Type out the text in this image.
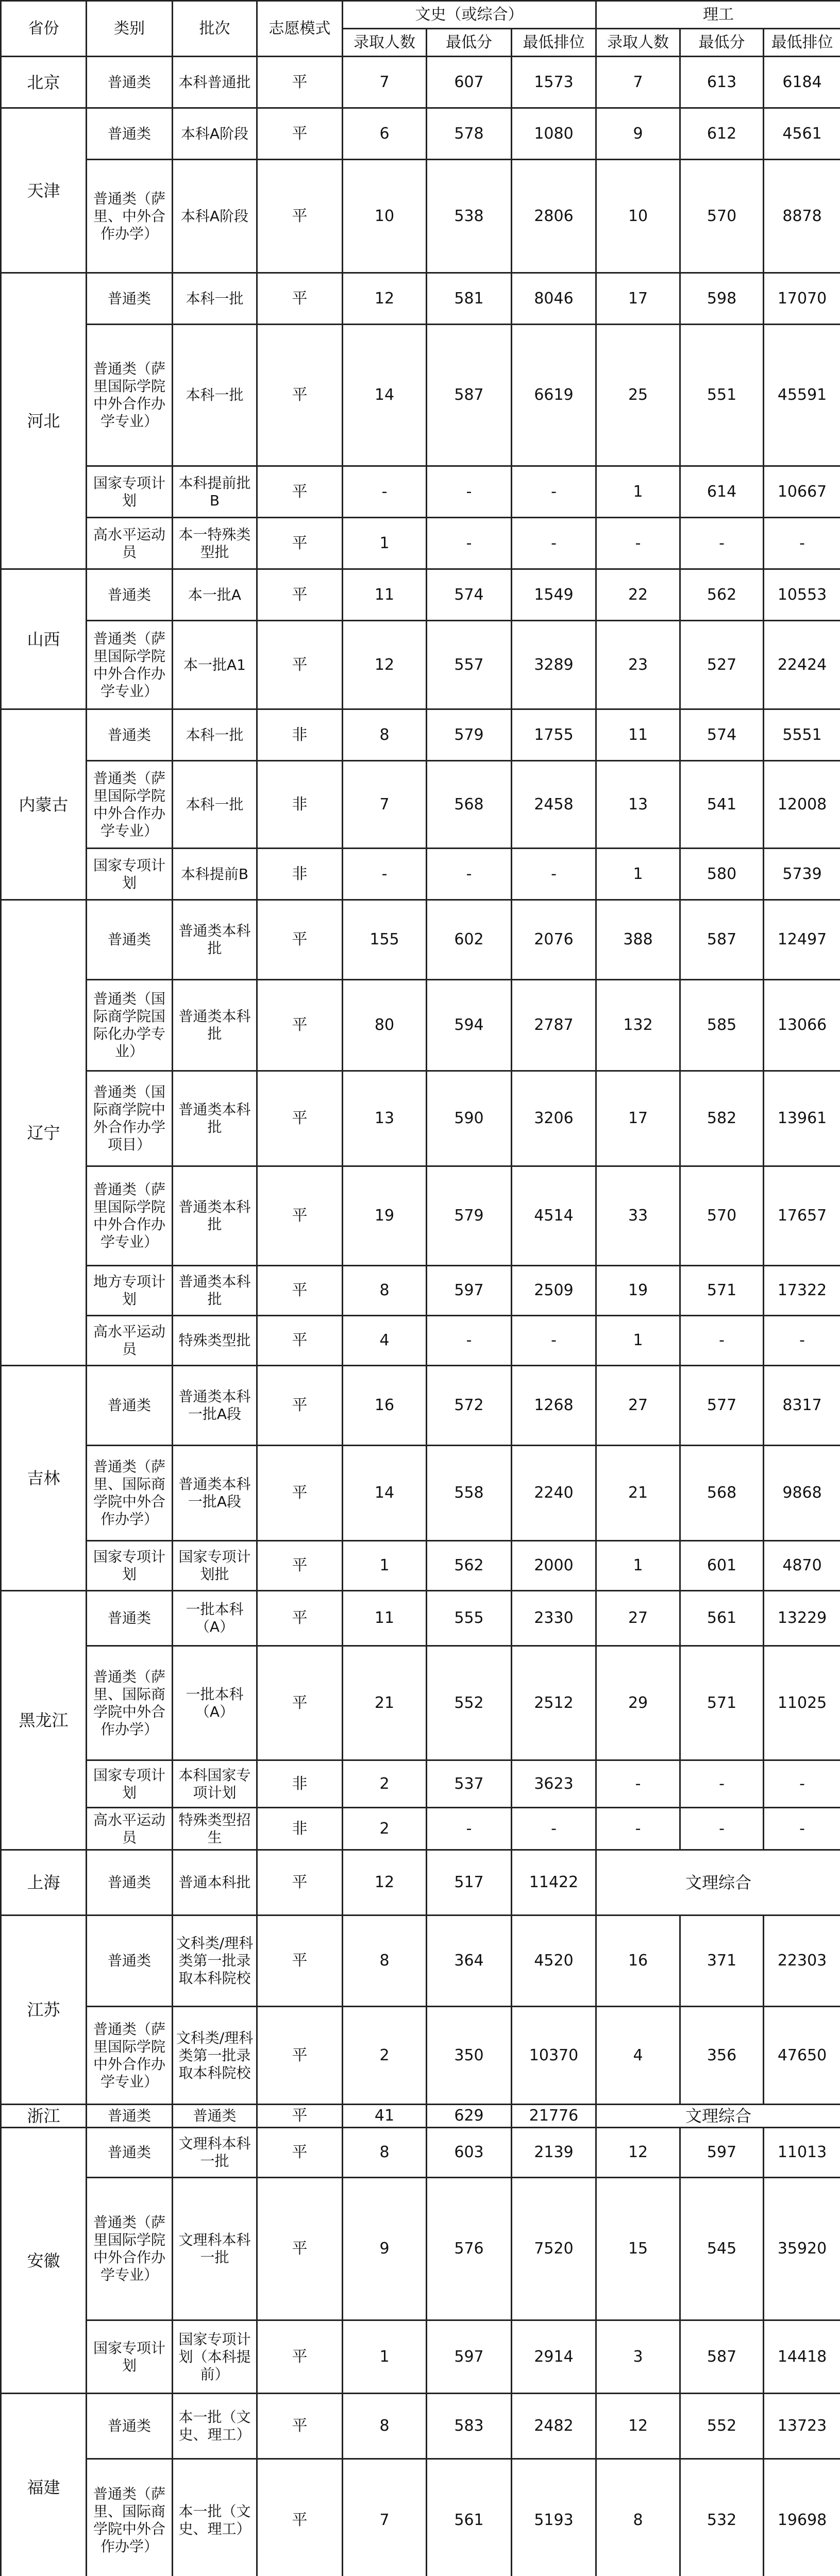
省份	类别	批次	志愿模式	文史（或综合）			理工		
				录取人数	最低分	最低排位	录取人数	最低分	最低排位
北京	普通类	本科普通批	平	7	607	1573	7	613	6184
天津	普通类	本科A阶段	平	6	578	1080	9	612	4561
	普通类（萨里、中外合作办学）	本科A阶段	平	10	538	2806	10	570	8878
河北	普通类	本科一批	平	12	581	8046	17	598	17070
	普通类（萨里国际学院中外合作办学专业）	本科一批	平	14	587	6619	25	551	45591
	国家专项计划	本科提前批B	平	-	-	-	1	614	10667
	高水平运动员	本一特殊类型批	平	1	-	-	-	-	-
山西	普通类	本一批A	平	11	574	1549	22	562	10553
	普通类（萨里国际学院中外合作办学专业）	本一批A1	平	12	557	3289	23	527	22424
内蒙古	普通类	本科一批	非	8	579	1755	11	574	5551
	普通类（萨里国际学院中外合作办学专业）	本科一批	非	7	568	2458	13	541	12008
	国家专项计划	本科提前B	非	-	-	-	1	580	5739
辽宁	普通类	普通类本科批	平	155	602	2076	388	587	12497
	普通类（国际商学院国际化办学专业）	普通类本科批	平	80	594	2787	132	585	13066
	普通类（国际商学院中外合作办学项目）	普通类本科批	平	13	590	3206	17	582	13961
	普通类（萨里国际学院中外合作办学专业）	普通类本科批	平	19	579	4514	33	570	17657
	地方专项计划	普通类本科批	平	8	597	2509	19	571	17322
	高水平运动员	特殊类型批	平	4	-	-	1	-	-
吉林	普通类	普通类本科一批A段	平	16	572	1268	27	577	8317
	普通类（萨里、国际商学院中外合作办学）	普通类本科一批A段	平	14	558	2240	21	568	9868
	国家专项计划	国家专项计划批	平	1	562	2000	1	601	4870
黑龙江	普通类	一批本科（A）	平	11	555	2330	27	561	13229
	普通类（萨里、国际商学院中外合作办学）	一批本科（A）	平	21	552	2512	29	571	11025
	国家专项计划	本科国家专项计划	非	2	537	3623	-	-	-
	高水平运动员	特殊类型招生	非	2	-	-	-	-	-
上海	普通类	普通本科批	平	12	517	11422	文理综合		
江苏	普通类	文科类/理科类第一批录取本科院校	平	8	364	4520	16	371	22303
	普通类（萨里国际学院中外合作办学专业）	文科类/理科类第一批录取本科院校	平	2	350	10370	4	356	47650
浙江	普通类	普通类	平	41	629	21776	文理综合		
安徽	普通类	文理科本科一批	平	8	603	2139	12	597	11013
	普通类（萨里国际学院中外合作办学专业）	文理科本科一批	平	9	576	7520	15	545	35920
	国家专项计划	国家专项计划（本科提前）	平	1	597	2914	3	587	14418
福建	普通类	本一批（文史、理工）	平	8	583	2482	12	552	13723
	普通类（萨里、国际商学院中外合作办学）	本一批（文史、理工）	平	7	561	5193	8	532	19698
